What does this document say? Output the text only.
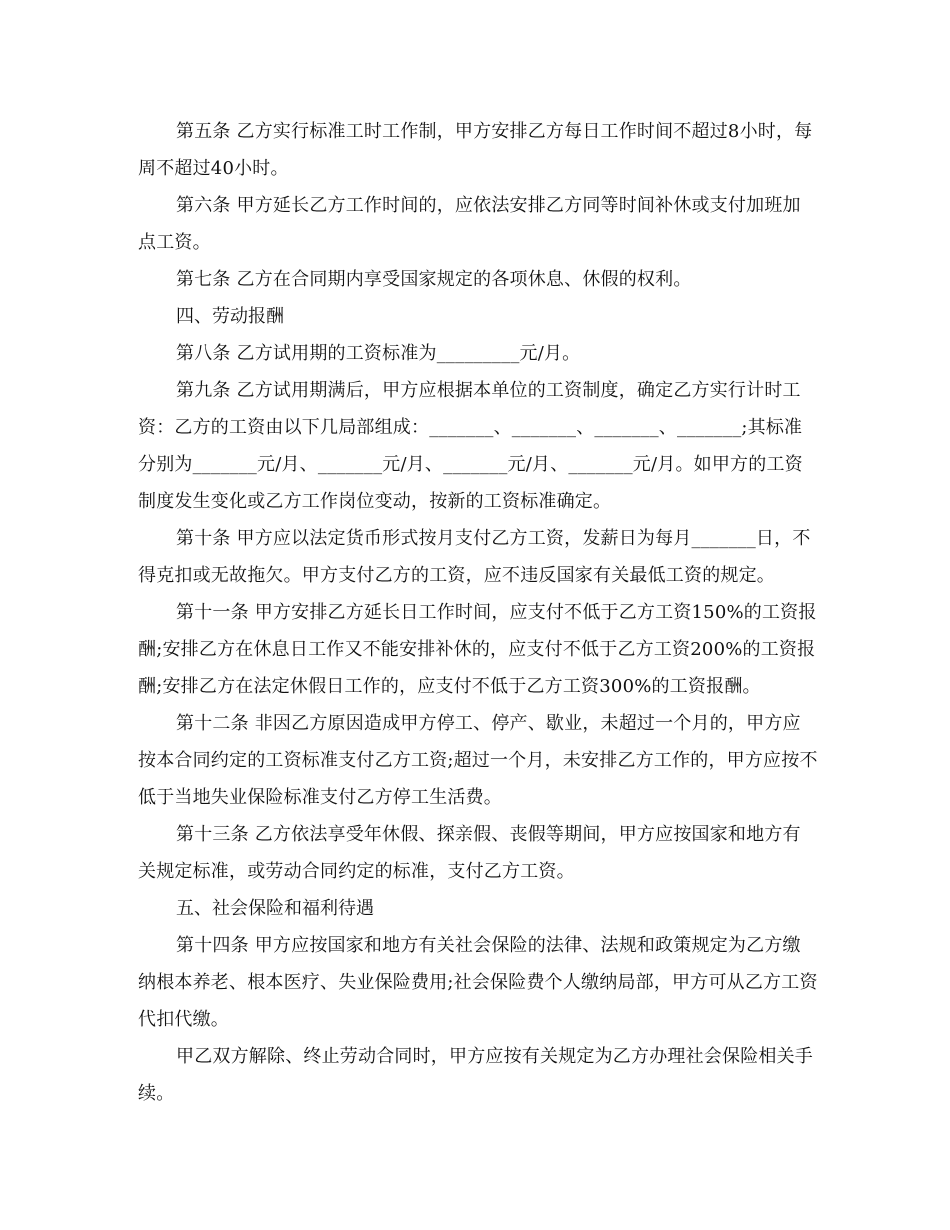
第五条 乙方实行标准工时工作制，甲方安排乙方每日工作时间不超过8小时，每周不超过40小时。

第六条 甲方延长乙方工作时间的，应依法安排乙方同等时间补休或支付加班加点工资。

第七条 乙方在合同期内享受国家规定的各项休息、休假的权利。

四、劳动报酬

第八条 乙方试用期的工资标准为_________元/月。

第九条 乙方试用期满后，甲方应根据本单位的工资制度，确定乙方实行计时工资：乙方的工资由以下几局部组成：_______、_______、_______、_______;其标准分别为_______元/月、_______元/月、_______元/月、_______元/月。如甲方的工资制度发生变化或乙方工作岗位变动，按新的工资标准确定。

第十条 甲方应以法定货币形式按月支付乙方工资，发薪日为每月_______日，不得克扣或无故拖欠。甲方支付乙方的工资，应不违反国家有关最低工资的规定。

第十一条 甲方安排乙方延长日工作时间，应支付不低于乙方工资150%的工资报酬;安排乙方在休息日工作又不能安排补休的，应支付不低于乙方工资200%的工资报酬;安排乙方在法定休假日工作的，应支付不低于乙方工资300%的工资报酬。

第十二条 非因乙方原因造成甲方停工、停产、歇业，未超过一个月的，甲方应按本合同约定的工资标准支付乙方工资;超过一个月，未安排乙方工作的，甲方应按不低于当地失业保险标准支付乙方停工生活费。

第十三条 乙方依法享受年休假、探亲假、丧假等期间，甲方应按国家和地方有关规定标准，或劳动合同约定的标准，支付乙方工资。

五、社会保险和福利待遇

第十四条 甲方应按国家和地方有关社会保险的法律、法规和政策规定为乙方缴纳根本养老、根本医疗、失业保险费用;社会保险费个人缴纳局部，甲方可从乙方工资代扣代缴。

甲乙双方解除、终止劳动合同时，甲方应按有关规定为乙方办理社会保险相关手续。
